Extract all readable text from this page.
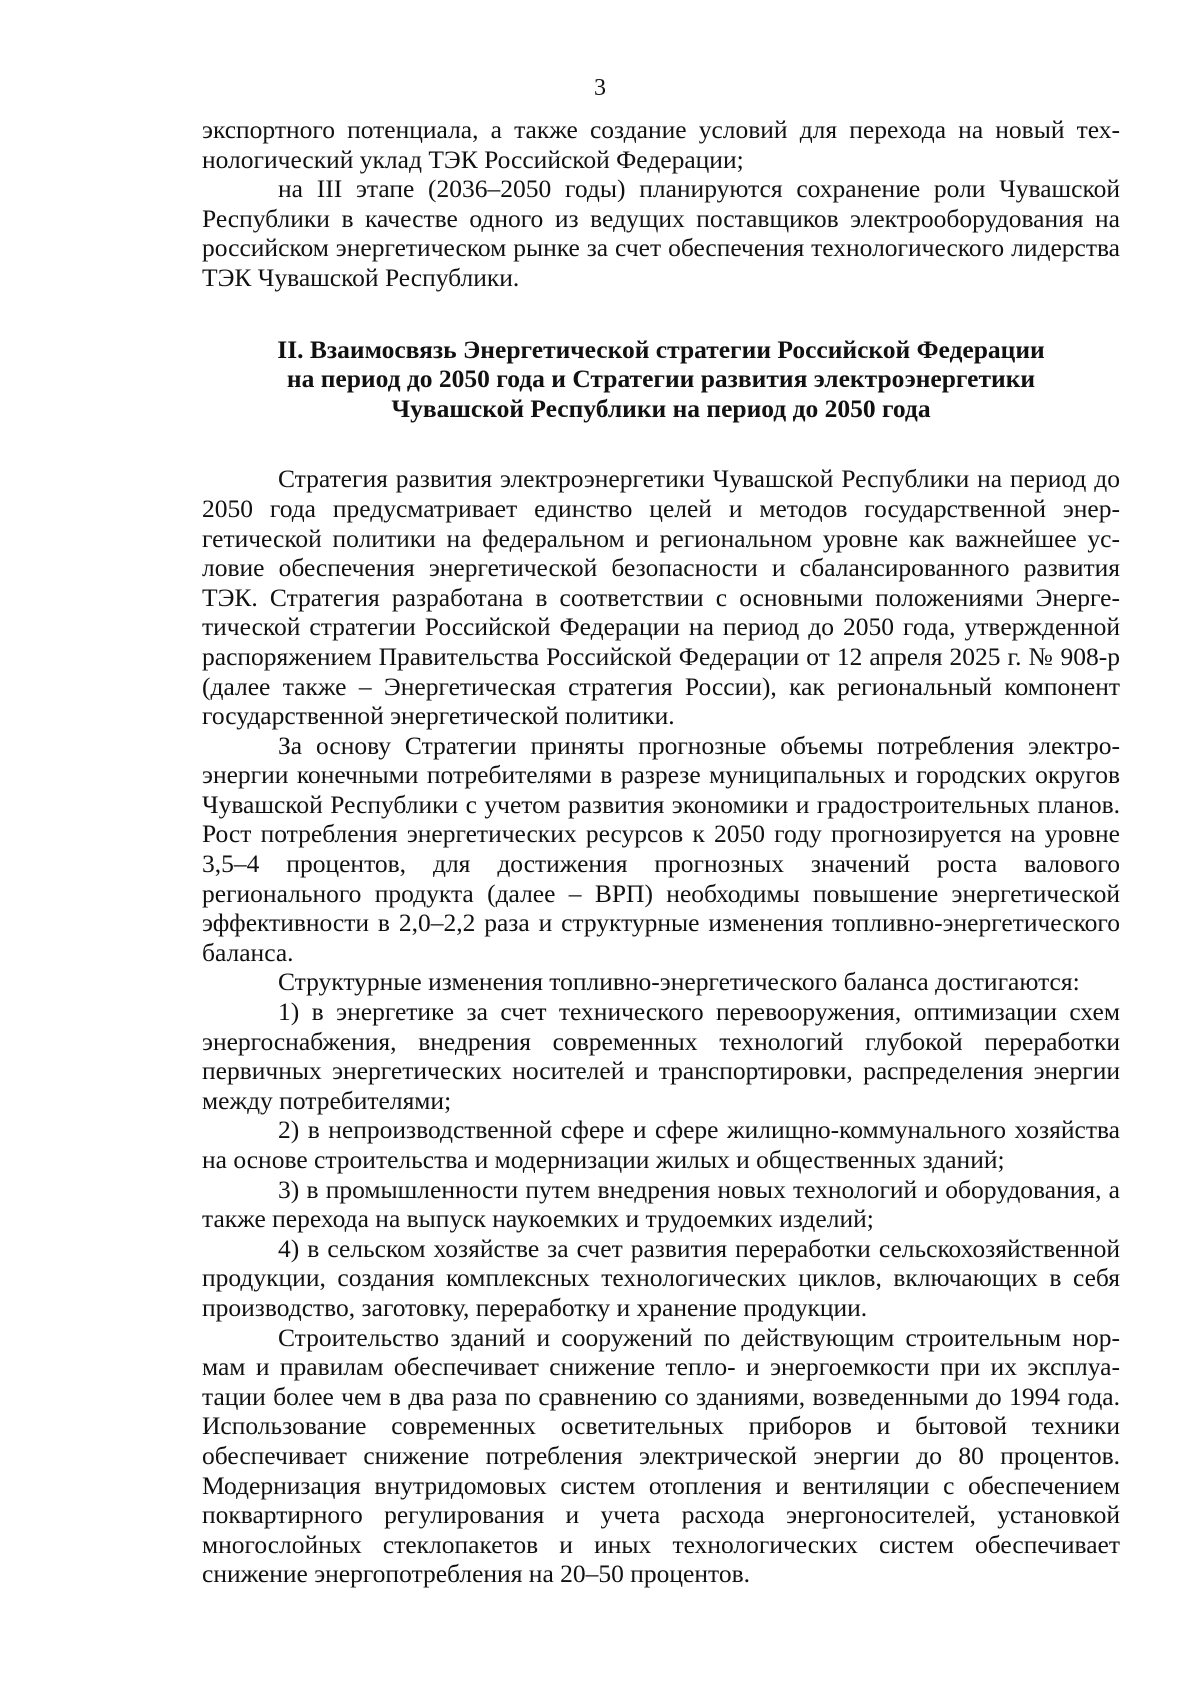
3

экспортного потенциала, а также создание условий для перехода на новый технологический уклад ТЭК Российской Федерации;

на III этапе (2036–2050 годы) планируются сохранение роли Чувашской Республики в качестве одного из ведущих поставщиков электрооборудования на российском энергетическом рынке за счет обеспечения технологического лидерства ТЭК Чувашской Республики.

II. Взаимосвязь Энергетической стратегии Российской Федерации
на период до 2050 года и Стратегии развития электроэнергетики
Чувашской Республики на период до 2050 года

Стратегия развития электроэнергетики Чувашской Республики на период до 2050 года предусматривает единство целей и методов государственной энергетической политики на федеральном и региональном уровне как важнейшее условие обеспечения энергетической безопасности и сбалансированного развития ТЭК. Стратегия разработана в соответствии с основными положениями Энергетической стратегии Российской Федерации на период до 2050 года, утвержденной распоряжением Правительства Российской Федерации от 12 апреля 2025 г. № 908-р (далее также – Энергетическая стратегия России), как региональный компонент государственной энергетической политики.

За основу Стратегии приняты прогнозные объемы потребления электроэнергии конечными потребителями в разрезе муниципальных и городских округов Чувашской Республики с учетом развития экономики и градостроительных планов. Рост потребления энергетических ресурсов к 2050 году прогнозируется на уровне 3,5–4 процентов, для достижения прогнозных значений роста валового регионального продукта (далее – ВРП) необходимы повышение энергетической эффективности в 2,0–2,2 раза и структурные изменения топливно-энергетического баланса.

Структурные изменения топливно-энергетического баланса достигаются:

1) в энергетике за счет технического перевооружения, оптимизации схем энергоснабжения, внедрения современных технологий глубокой переработки первичных энергетических носителей и транспортировки, распределения энергии между потребителями;

2) в непроизводственной сфере и сфере жилищно-коммунального хозяйства на основе строительства и модернизации жилых и общественных зданий;

3) в промышленности путем внедрения новых технологий и оборудования, а также перехода на выпуск наукоемких и трудоемких изделий;

4) в сельском хозяйстве за счет развития переработки сельскохозяйственной продукции, создания комплексных технологических циклов, включающих в себя производство, заготовку, переработку и хранение продукции.

Строительство зданий и сооружений по действующим строительным нормам и правилам обеспечивает снижение тепло- и энергоемкости при их эксплуатации более чем в два раза по сравнению со зданиями, возведенными до 1994 года. Использование современных осветительных приборов и бытовой техники обеспечивает снижение потребления электрической энергии до 80 процентов. Модернизация внутридомовых систем отопления и вентиляции с обеспечением поквартирного регулирования и учета расхода энергоносителей, установкой многослойных стеклопакетов и иных технологических систем обеспечивает снижение энергопотребления на 20–50 процентов.
